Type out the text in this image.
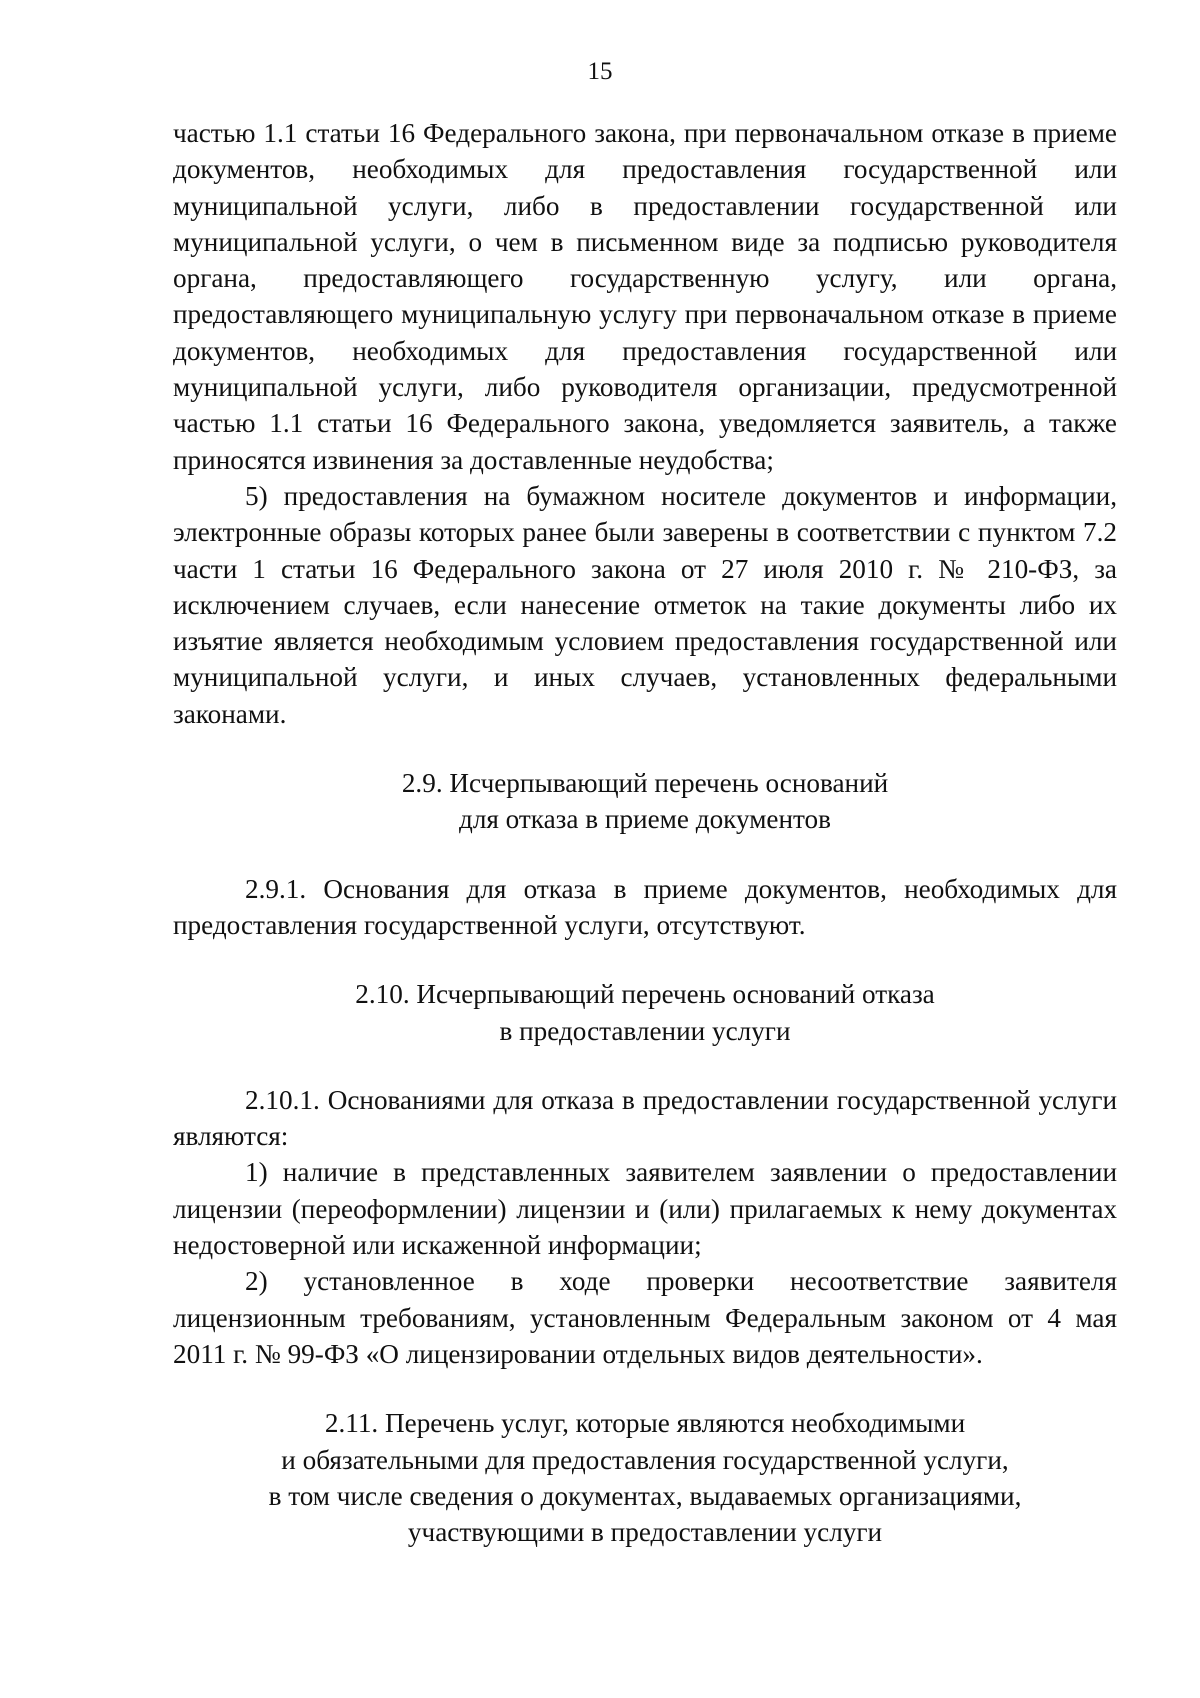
15

частью 1.1 статьи 16 Федерального закона, при первоначальном отказе в приеме документов, необходимых для предоставления государственной или муниципальной услуги, либо в предоставлении государственной или муниципальной услуги, о чем в письменном виде за подписью руководителя органа, предоставляющего государственную услугу, или органа, предоставляющего муниципальную услугу при первоначальном отказе в приеме документов, необходимых для предоставления государственной или муниципальной услуги, либо руководителя организации, предусмотренной частью 1.1 статьи 16 Федерального закона, уведомляется заявитель, а также приносятся извинения за доставленные неудобства;

5) предоставления на бумажном носителе документов и информации, электронные образы которых ранее были заверены в соответствии с пунктом 7.2 части 1 статьи 16 Федерального закона от 27 июля 2010 г. № 210-ФЗ, за исключением случаев, если нанесение отметок на такие документы либо их изъятие является необходимым условием предоставления государственной или муниципальной услуги, и иных случаев, установленных федеральными законами.

2.9. Исчерпывающий перечень оснований
для отказа в приеме документов

2.9.1. Основания для отказа в приеме документов, необходимых для предоставления государственной услуги, отсутствуют.

2.10. Исчерпывающий перечень оснований отказа
в предоставлении услуги

2.10.1. Основаниями для отказа в предоставлении государственной услуги являются:

1) наличие в представленных заявителем заявлении о предоставлении лицензии (переоформлении) лицензии и (или) прилагаемых к нему документах недостоверной или искаженной информации;

2) установленное в ходе проверки несоответствие заявителя лицензионным требованиям, установленным Федеральным законом от 4 мая 2011 г. № 99-ФЗ «О лицензировании отдельных видов деятельности».

2.11. Перечень услуг, которые являются необходимыми
и обязательными для предоставления государственной услуги,
в том числе сведения о документах, выдаваемых организациями,
участвующими в предоставлении услуги
